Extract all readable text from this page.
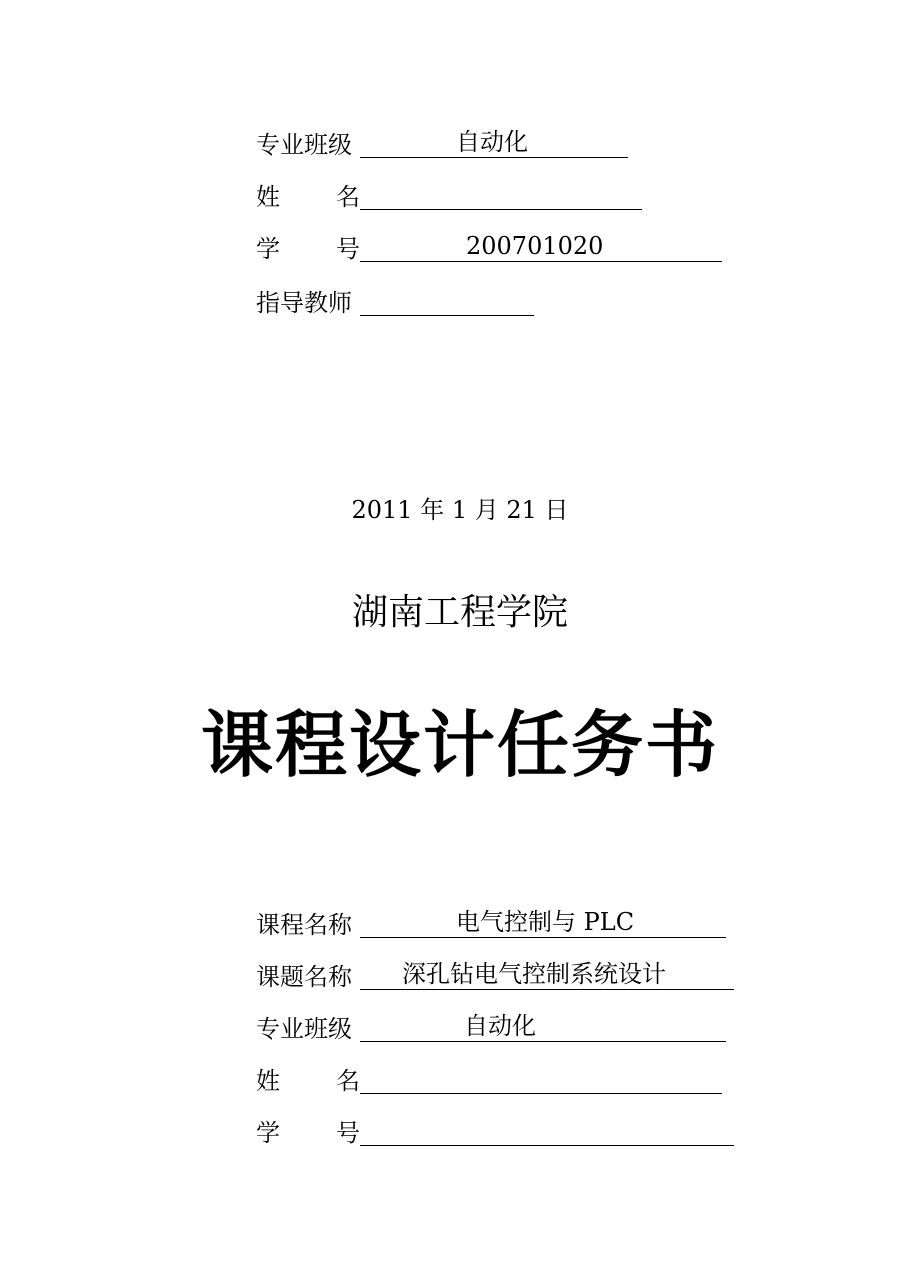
专业班级	自动化
姓 名
学 号	200701020
指导教师
2011 年 1 月 21 日
湖南工程学院
课程设计任务书
课程名称	电气控制与 PLC
课题名称	深孔钻电气控制系统设计
专业班级	自动化
姓 名
学 号
